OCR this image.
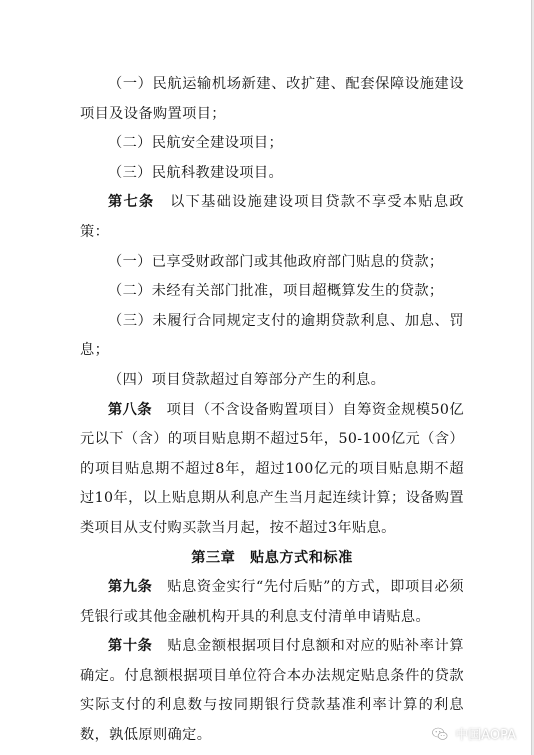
（一）民航运输机场新建、改扩建、配套保障设施建设项目及设备购置项目；

（二）民航安全建设项目；

（三）民航科教建设项目。

第七条　以下基础设施建设项目贷款不享受本贴息政策：

（一）已享受财政部门或其他政府部门贴息的贷款；

（二）未经有关部门批准，项目超概算发生的贷款；

（三）未履行合同规定支付的逾期贷款利息、加息、罚息；

（四）项目贷款超过自筹部分产生的利息。

第八条　项目（不含设备购置项目）自筹资金规模50亿元以下（含）的项目贴息期不超过5年，50-100亿元（含）的项目贴息期不超过8年，超过100亿元的项目贴息期不超过10年，以上贴息期从利息产生当月起连续计算；设备购置类项目从支付购买款当月起，按不超过3年贴息。

第三章　贴息方式和标准

第九条　贴息资金实行“先付后贴”的方式，即项目必须凭银行或其他金融机构开具的利息支付清单申请贴息。

第十条　贴息金额根据项目付息额和对应的贴补率计算确定。付息额根据项目单位符合本办法规定贴息条件的贷款实际支付的利息数与按同期银行贷款基准利率计算的利息数，孰低原则确定。	中国AOPA
